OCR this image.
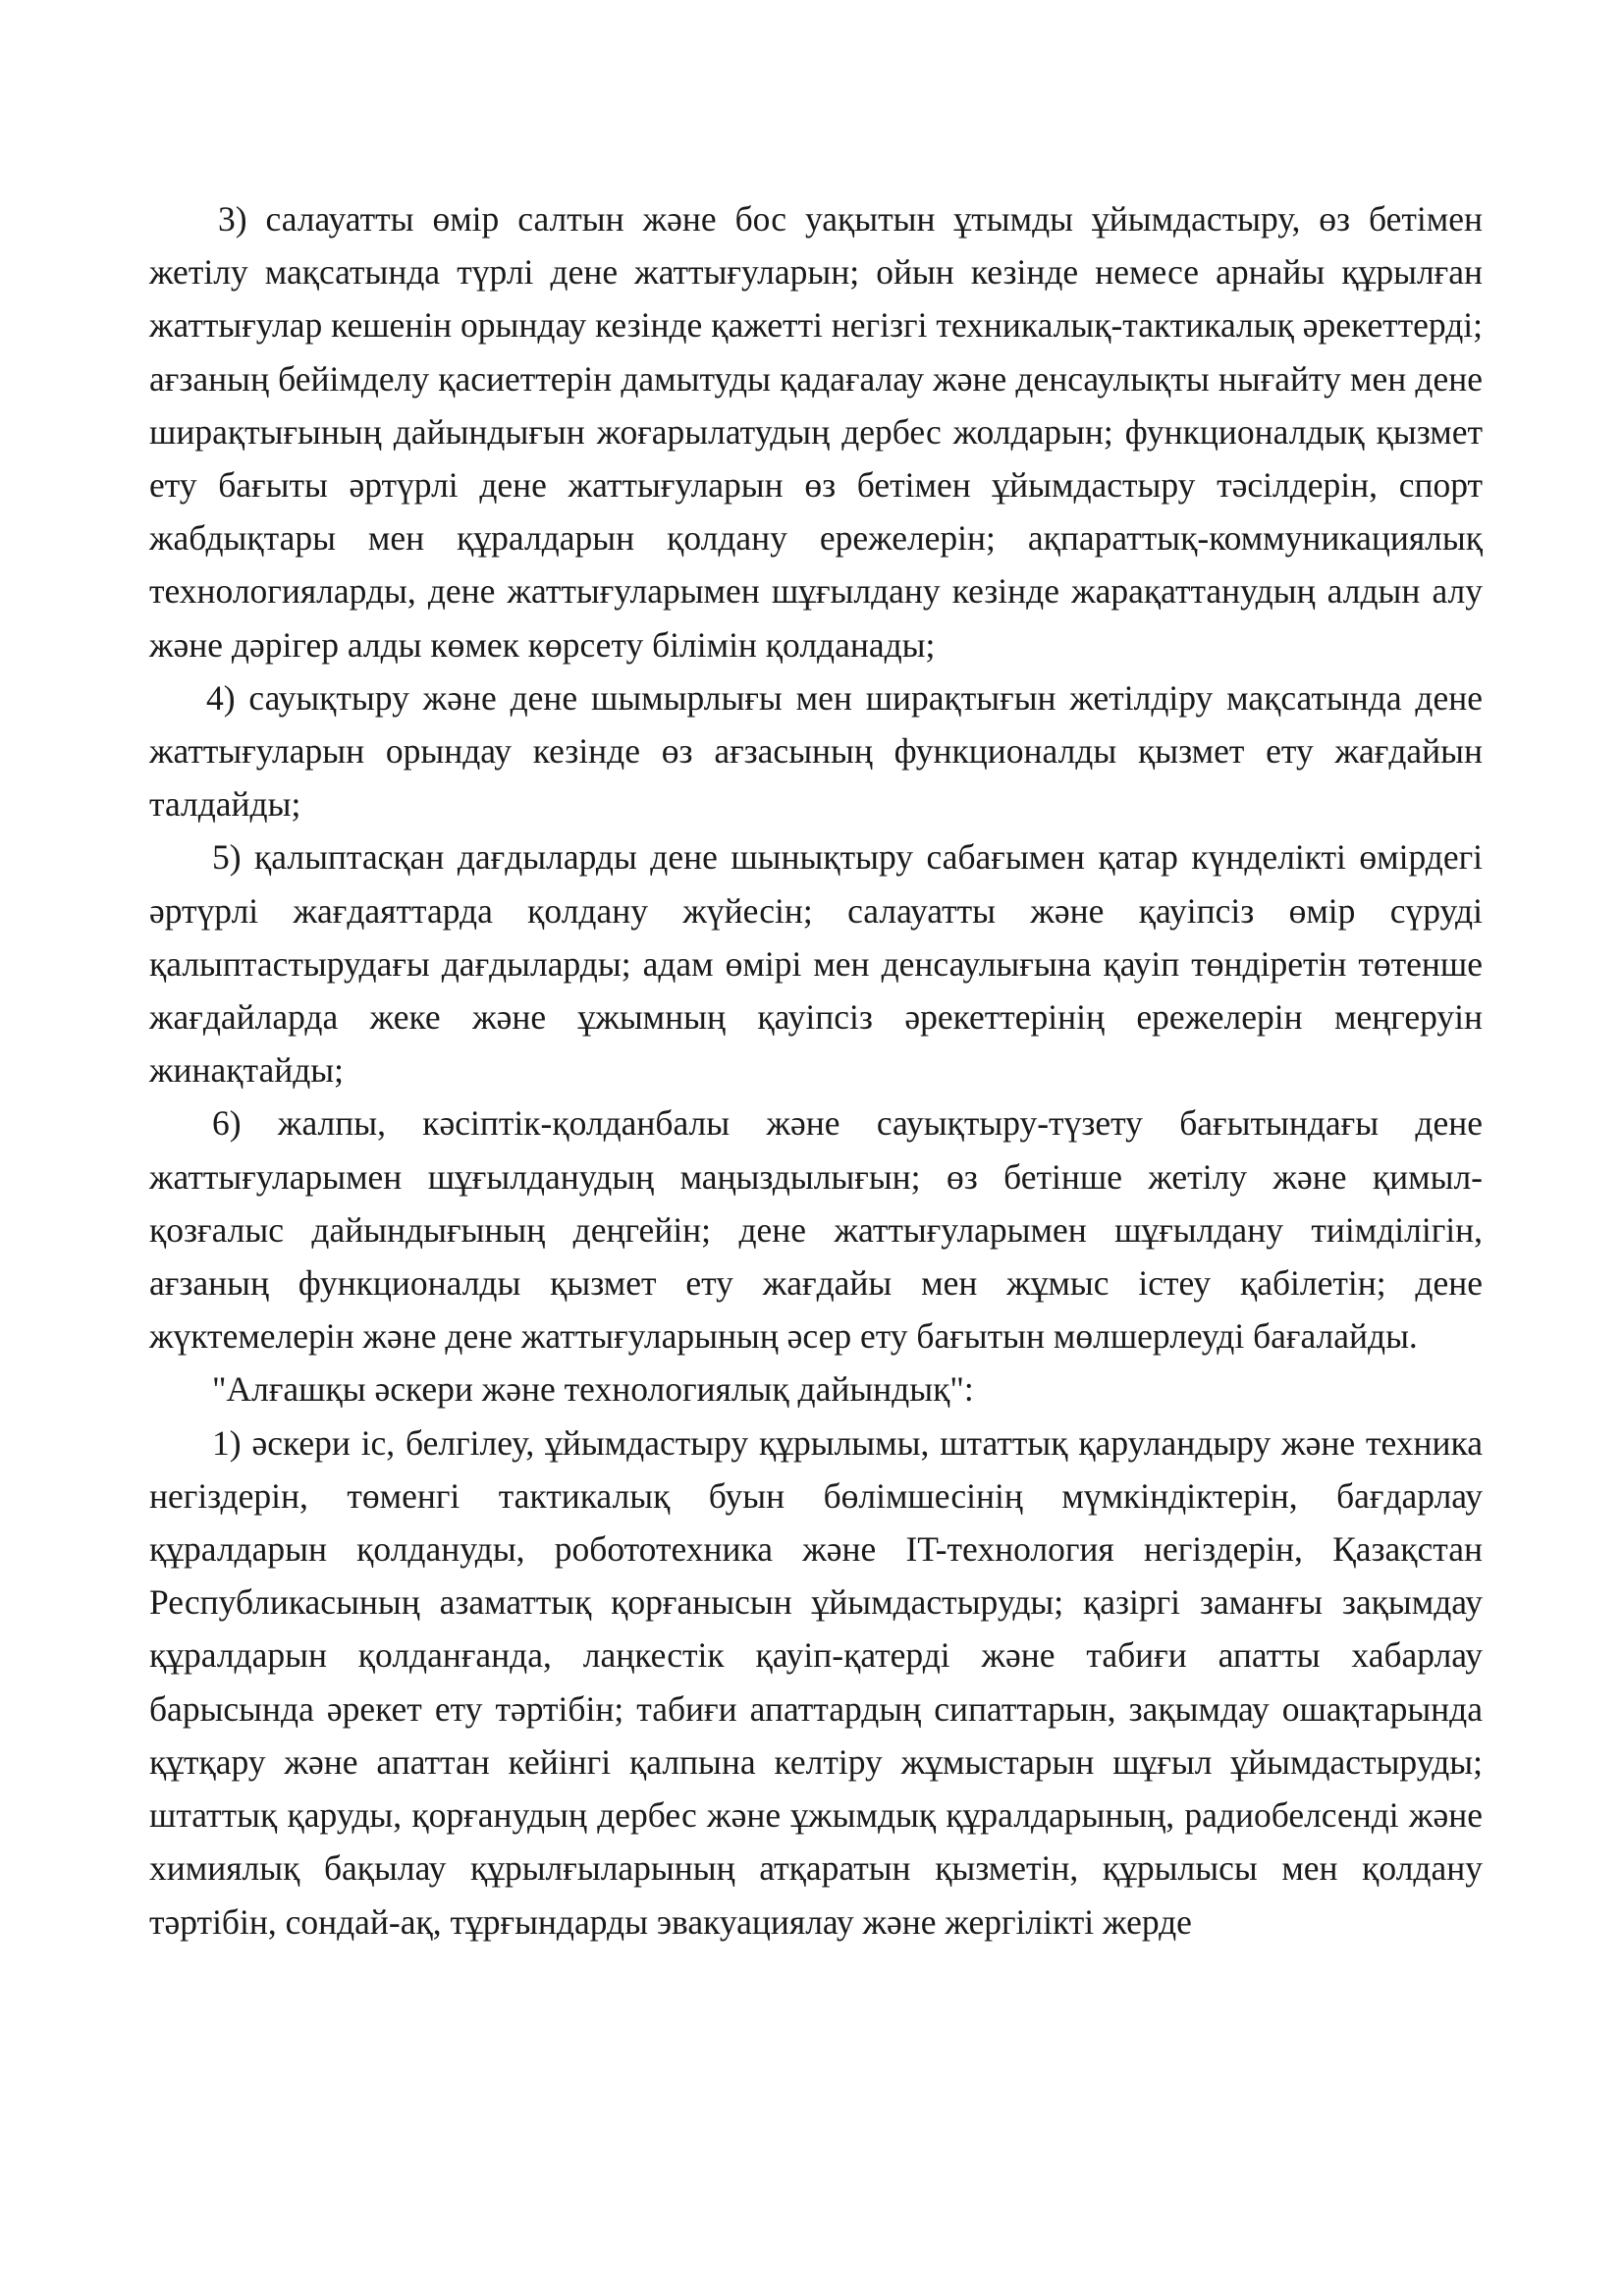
3) салауатты өмір салтын және бос уақытын ұтымды ұйымдастыру, өз бетімен жетілу мақсатында түрлі дене жаттығуларын; ойын кезінде немесе арнайы құрылған жаттығулар кешенін орындау кезінде қажетті негізгі техникалық-тактикалық әрекеттерді; ағзаның бейімделу қасиеттерін дамытуды қадағалау және денсаулықты нығайту мен дене ширақтығының дайындығын жоғарылатудың дербес жолдарын; функционалдық қызмет ету бағыты әртүрлі дене жаттығуларын өз бетімен ұйымдастыру тәсілдерін, спорт жабдықтары мен құралдарын қолдану ережелерін; ақпараттық-коммуникациялық технологияларды, дене жаттығуларымен шұғылдану кезінде жарақаттанудың алдын алу және дәрігер алды көмек көрсету білімін қолданады;

4) сауықтыру және дене шымырлығы мен ширақтығын жетілдіру мақсатында дене жаттығуларын орындау кезінде өз ағзасының функционалды қызмет ету жағдайын талдайды;

5) қалыптасқан дағдыларды дене шынықтыру сабағымен қатар күнделікті өмірдегі әртүрлі жағдаяттарда қолдану жүйесін; салауатты және қауіпсіз өмір сүруді қалыптастырудағы дағдыларды; адам өмірі мен денсаулығына қауіп төндіретін төтенше жағдайларда жеке және ұжымның қауіпсіз әрекеттерінің ережелерін меңгеруін жинақтайды;

6) жалпы, кәсіптік-қолданбалы және сауықтыру-түзету бағытындағы дене жаттығуларымен шұғылданудың маңыздылығын; өз бетінше жетілу және қимыл-қозғалыс дайындығының деңгейін; дене жаттығуларымен шұғылдану тиімділігін, ағзаның функционалды қызмет ету жағдайы мен жұмыс істеу қабілетін; дене жүктемелерін және дене жаттығуларының әсер ету бағытын мөлшерлеуді бағалайды.

"Алғашқы әскери және технологиялық дайындық":

1) әскери іс, белгілеу, ұйымдастыру құрылымы, штаттық қаруландыру және техника негіздерін, төменгі тактикалық буын бөлімшесінің мүмкіндіктерін, бағдарлау құралдарын қолдануды, робототехника және IT-технология негіздерін, Қазақстан Республикасының азаматтық қорғанысын ұйымдастыруды; қазіргі заманғы зақымдау құралдарын қолданғанда, лаңкестік қауіп-қатерді және табиғи апатты хабарлау барысында әрекет ету тәртібін; табиғи апаттардың сипаттарын, зақымдау ошақтарында құтқару және апаттан кейінгі қалпына келтіру жұмыстарын шұғыл ұйымдастыруды; штаттық қаруды, қорғанудың дербес және ұжымдық құралдарының, радиобелсенді және химиялық бақылау құрылғыларының атқаратын қызметін, құрылысы мен қолдану тәртібін, сондай-ақ, тұрғындарды эвакуациялау және жергілікті жерде
